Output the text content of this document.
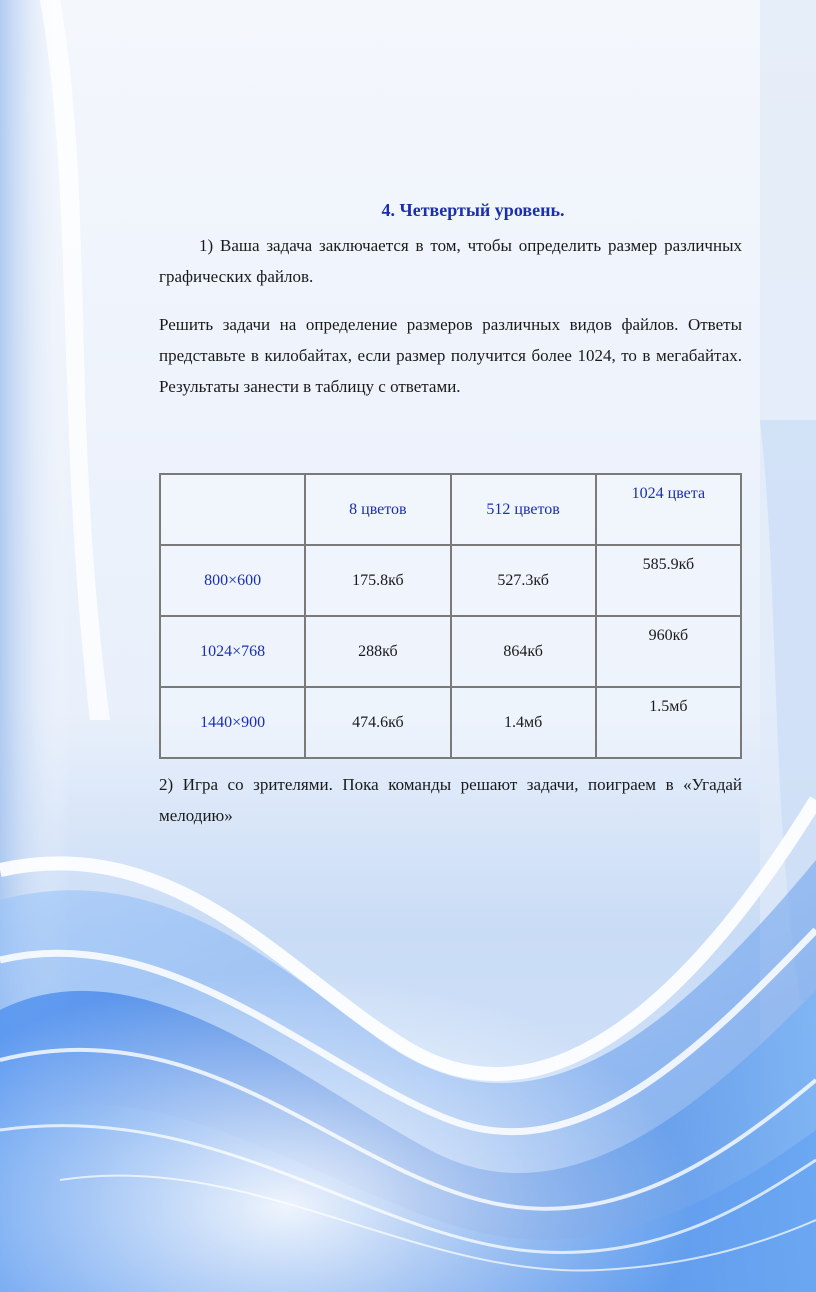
4. Четвертый уровень.
1) Ваша задача заключается в том, чтобы определить размер различных графических файлов.
Решить задачи на определение размеров различных видов файлов. Ответы представьте в килобайтах, если размер получится более 1024, то в мегабайтах. Результаты занести в таблицу с ответами.
	8 цветов	512 цветов	1024 цвета
800×600	175.8кб	527.3кб	585.9кб
1024×768	288кб	864кб	960кб
1440×900	474.6кб	1.4мб	1.5мб
2) Игра со зрителями. Пока команды решают задачи, поиграем в «Угадай мелодию»
